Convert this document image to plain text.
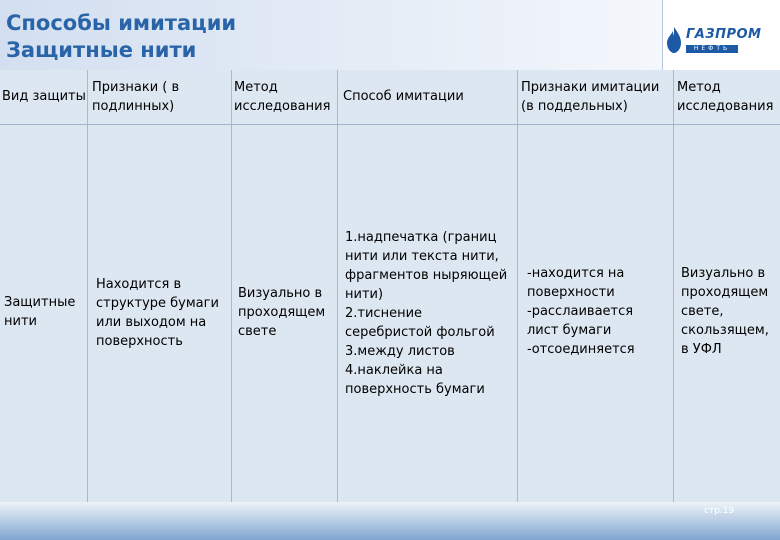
Способы имитации
Защитные нити
ГАЗПРОМ
НЕФТЬ
Вид защиты
Признаки ( в
подлинных)
Метод
исследования
Способ имитации
Признаки имитации
(в поддельных)
Метод
исследования
Защитные
нити
Находится в
структуре бумаги
или выходом на
поверхность
Визуально в
проходящем
свете
1.надпечатка (границ
нити или текста нити,
фрагментов ныряющей
нити)
2.тиснение
серебристой фольгой
3.между листов
4.наклейка на
поверхность бумаги
-находится на
поверхности
-расслаивается
лист бумаги
-отсоединяется
Визуально в
проходящем
свете,
скользящем,
в УФЛ
стр.19
